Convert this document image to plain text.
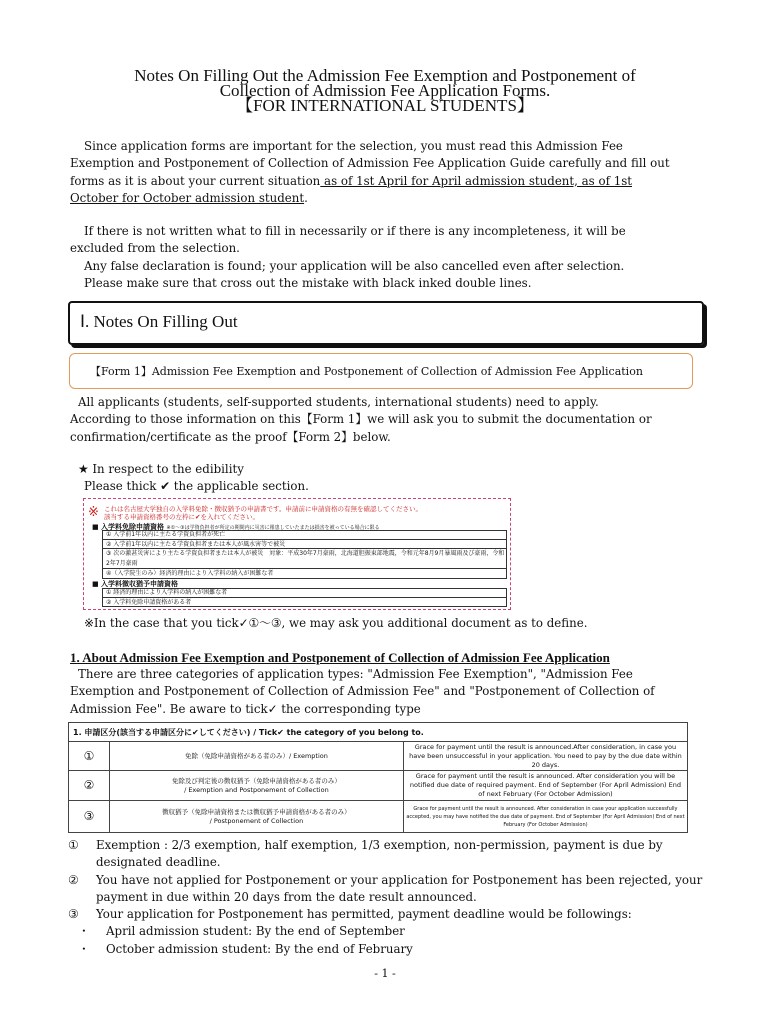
Notes On Filling Out the Admission Fee Exemption and Postponement of
Collection of Admission Fee Application Forms.
【FOR INTERNATIONAL STUDENTS】
Since application forms are important for the selection, you must read this Admission Fee
Exemption and Postponement of Collection of Admission Fee Application Guide carefully and fill out
forms as it is about your current situation as of 1st April for April admission student, as of 1st
October for October admission student.
If there is not written what to fill in necessarily or if there is any incompleteness, it will be
excluded from the selection.
Any false declaration is found; your application will be also cancelled even after selection.
Please make sure that cross out the mistake with black inked double lines.
Ⅰ. Notes On Filling Out
【Form 1】Admission Fee Exemption and Postponement of Collection of Admission Fee Application
All applicants (students, self-supported students, international students) need to apply.
According to those information on this【Form 1】we will ask you to submit the documentation or
confirmation/certificate as the proof【Form 2】below.
★ In respect to the edibility
Please thick ✔ the applicable section.
※ これは名古屋大学独自の入学料免除・徴収猶予の申請書です。申請前に申請資格の有無を確認してください。
該当する申請資格番号の左枠に✔を入れてください。
■ 入学料免除申請資格 ※①～③は学資負担者が所定の期間内に災害に罹患していたまたは損害を被っている場合に限る
① 入学前1年以内に主たる学資負担者が死亡
② 入学前1年以内に主たる学資負担者または本人が風水害等で被災
③ 次の激甚災害により主たる学資負担者または本人が被災　対象：平成30年7月豪雨，北海道胆振東部地震，令和元年8月9月暴風雨及び豪雨，令和2年7月豪雨
④（入学院生のみ）経済的理由により入学料の納入が困難な者
■ 入学料徴収猶予申請資格
① 経済的理由により入学料の納入が困難な者
② 入学料免除申請資格がある者
※In the case that you tick✓①～③, we may ask you additional document as to define.
1. About Admission Fee Exemption and Postponement of Collection of Admission Fee Application
There are three categories of application types: "Admission Fee Exemption", "Admission Fee
Exemption and Postponement of Collection of Admission Fee" and "Postponement of Collection of
Admission Fee". Be aware to tick✓ the corresponding type
1. 申請区分(該当する申請区分に✔してください) / Tick✔ the category of you belong to.		
①	免除（免除申請資格がある者のみ）/ Exemption	Grace for payment until the result is announced.After consideration, in case you have been unsuccessful in your application. You need to pay by the due date within 20 days.
②	免除及び判定後の徴収猶予（免除申請資格がある者のみ）
/ Exemption and Postponement of Collection	Grace for payment until the result is announced. After consideration you will be notified due date of required payment. End of September (For April Admission) End of next February (For October Admission)
③	徴収猶予（免除申請資格または徴収猶予申請資格がある者のみ）
/ Postponement of Collection	Grace for payment until the result is announced. After consideration in case your application successfully accepted, you may have notified the due date of payment. End of September (For April Admission) End of next February (For October Admission)
① Exemption : 2/3 exemption, half exemption, 1/3 exemption, non-permission, payment is due by
designated deadline.
② You have not applied for Postponement or your application for Postponement has been rejected, your
payment in due within 20 days from the date result announced.
③ Your application for Postponement has permitted, payment deadline would be followings:
・ April admission student: By the end of September
・ October admission student: By the end of February
- 1 -
